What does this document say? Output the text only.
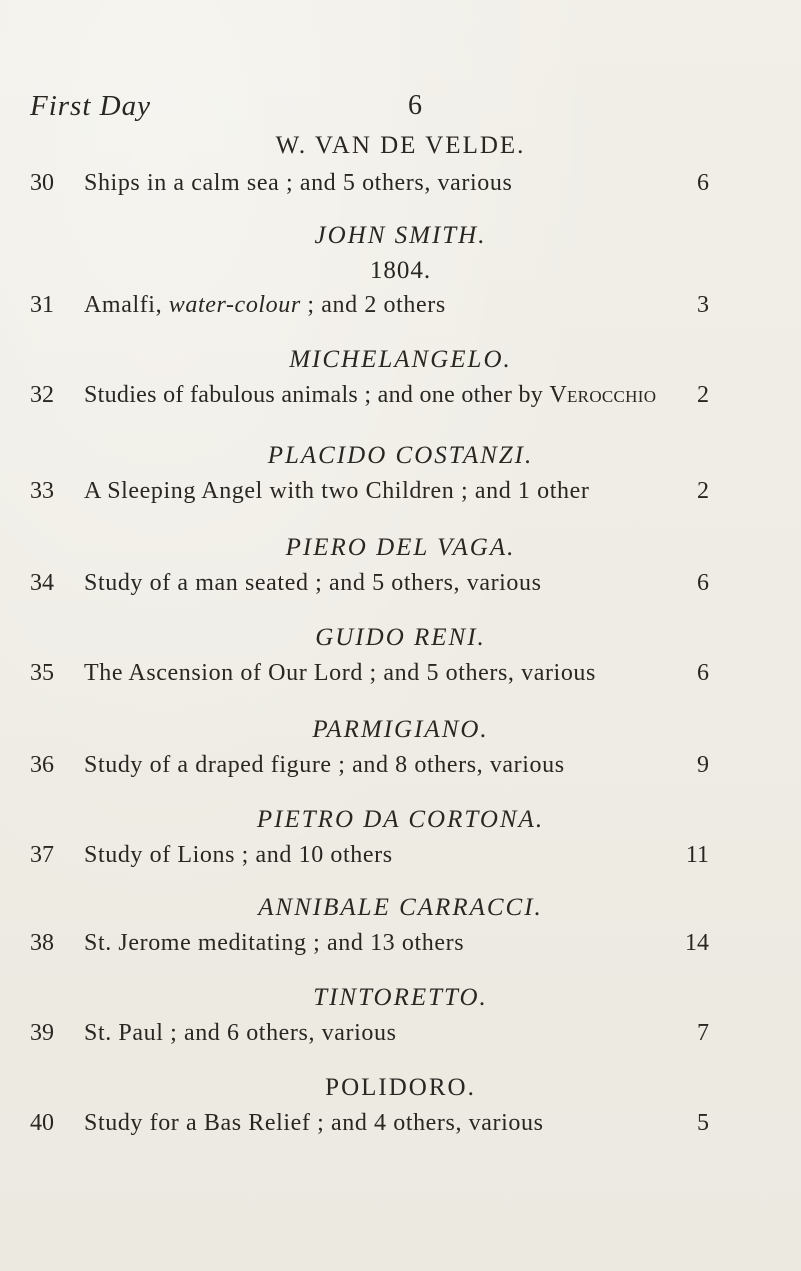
First Day	6
W. VAN DE VELDE.
30	Ships in a calm sea ; and 5 others, various	6
JOHN SMITH.
1804.
31	Amalfi, water-colour ; and 2 others	3
MICHELANGELO.
32	Studies of fabulous animals ; and one other by Verocchio 2
PLACIDO COSTANZI.
33	A Sleeping Angel with two Children ; and 1 other	2
PIERO DEL VAGA.
34	Study of a man seated ; and 5 others, various	6
GUIDO RENI.
35	The Ascension of Our Lord ; and 5 others, various	6
PARMIGIANO.
36	Study of a draped figure ; and 8 others, various	9
PIETRO DA CORTONA.
37	Study of Lions ; and 10 others	11
ANNIBALE CARRACCI.
38	St. Jerome meditating ; and 13 others	14
TINTORETTO.
39	St. Paul ; and 6 others, various	7
POLIDORO.
40	Study for a Bas Relief ; and 4 others, various	5
